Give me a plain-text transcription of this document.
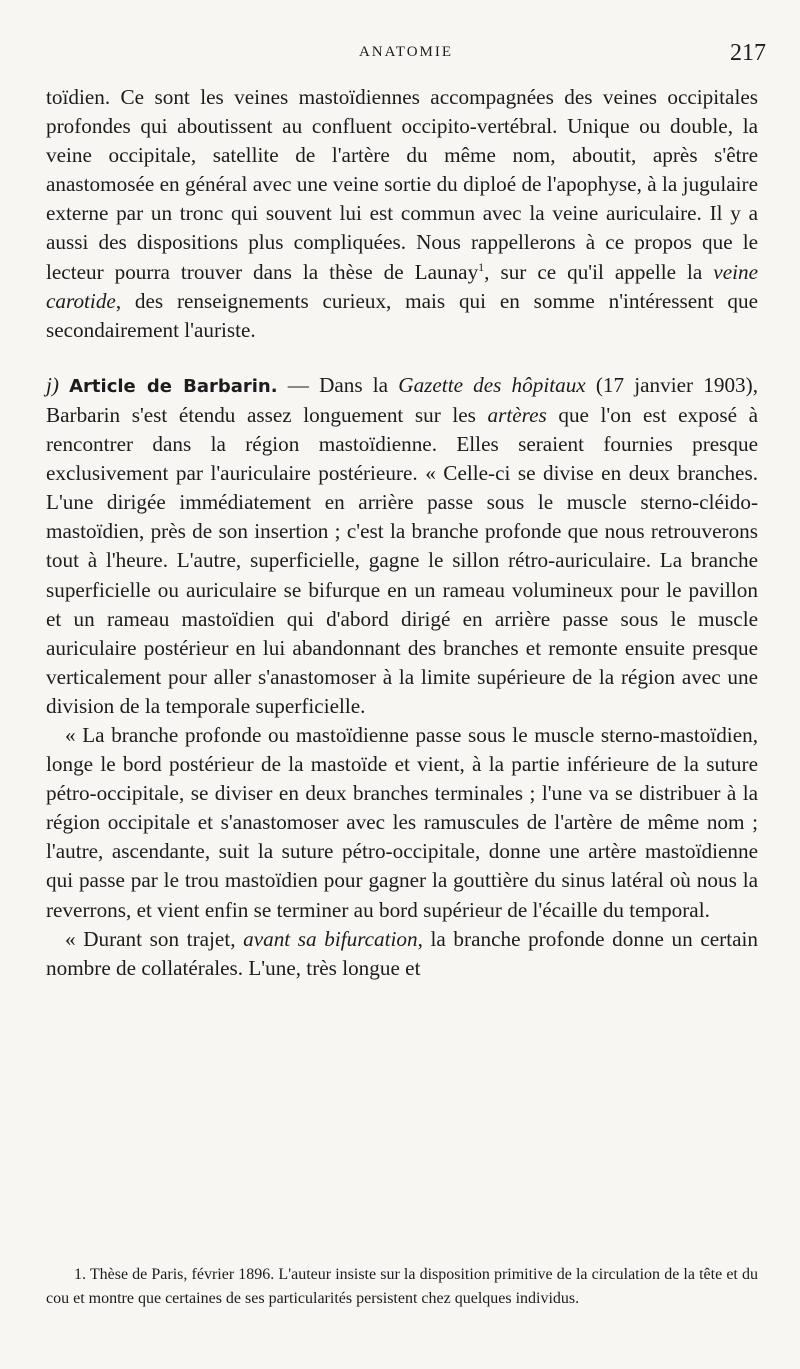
ANATOMIE	217

toïdien. Ce sont les veines mastoïdiennes accompagnées des veines occipitales profondes qui aboutissent au confluent occipito-vertébral. Unique ou double, la veine occipitale, satellite de l'artère du même nom, aboutit, après s'être anastomosée en général avec une veine sortie du diploé de l'apophyse, à la jugulaire externe par un tronc qui souvent lui est commun avec la veine auriculaire. Il y a aussi des dispositions plus compliquées. Nous rappellerons à ce propos que le lecteur pourra trouver dans la thèse de Launay$^1$, sur ce qu'il appelle la veine carotide, des renseignements curieux, mais qui en somme n'intéressent que secondairement l'auriste.

j) Article de Barbarin. — Dans la Gazette des hôpitaux (17 janvier 1903), Barbarin s'est étendu assez longuement sur les artères que l'on est exposé à rencontrer dans la région mastoïdienne. Elles seraient fournies presque exclusivement par l'auriculaire postérieure. « Celle-ci se divise en deux branches. L'une dirigée immédiatement en arrière passe sous le muscle sterno-cléido-mastoïdien, près de son insertion ; c'est la branche profonde que nous retrouverons tout à l'heure. L'autre, superficielle, gagne le sillon rétro-auriculaire. La branche superficielle ou auriculaire se bifurque en un rameau volumineux pour le pavillon et un rameau mastoïdien qui d'abord dirigé en arrière passe sous le muscle auriculaire postérieur en lui abandonnant des branches et remonte ensuite presque verticalement pour aller s'anastomoser à la limite supérieure de la région avec une division de la temporale superficielle.

« La branche profonde ou mastoïdienne passe sous le muscle sterno-mastoïdien, longe le bord postérieur de la mastoïde et vient, à la partie inférieure de la suture pétro-occipitale, se diviser en deux branches terminales ; l'une va se distribuer à la région occipitale et s'anastomoser avec les ramuscules de l'artère de même nom ; l'autre, ascendante, suit la suture pétro-occipitale, donne une artère mastoïdienne qui passe par le trou mastoïdien pour gagner la gouttière du sinus latéral où nous la reverrons, et vient enfin se terminer au bord supérieur de l'écaille du temporal.

« Durant son trajet, avant sa bifurcation, la branche profonde donne un certain nombre de collatérales. L'une, très longue et

1. Thèse de Paris, février 1896. L'auteur insiste sur la disposition primitive de la circulation de la tête et du cou et montre que certaines de ses particularités persistent chez quelques individus.
